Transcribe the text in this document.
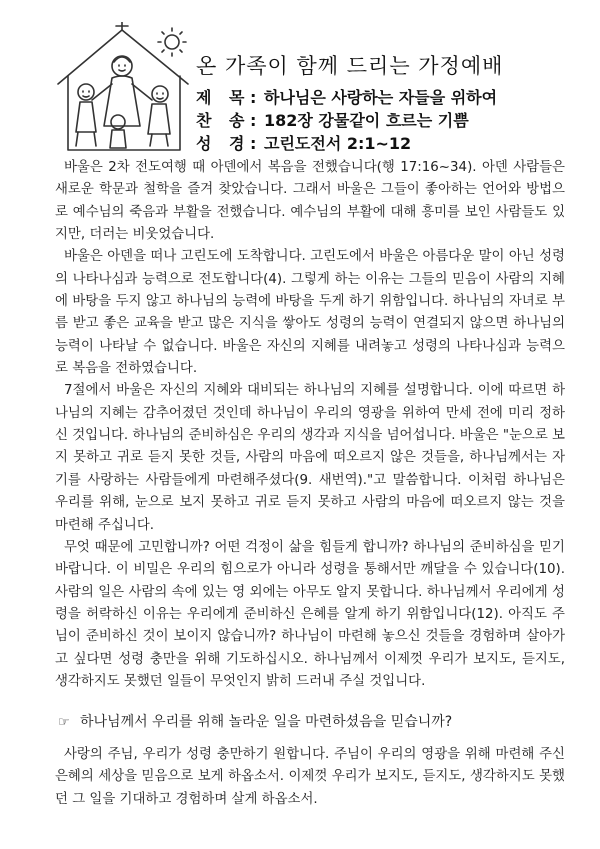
온 가족이 함께 드리는 가정예배
제 목: 하나님은 사랑하는 자들을 위하여
찬 송: 182장 강물같이 흐르는 기쁨
성 경: 고린도전서 2:1~12

바울은 2차 전도여행 때 아덴에서 복음을 전했습니다(행 17:16~34). 아덴 사람들은 새로운 학문과 철학을 즐겨 찾았습니다. 그래서 바울은 그들이 좋아하는 언어와 방법으로 예수님의 죽음과 부활을 전했습니다. 예수님의 부활에 대해 흥미를 보인 사람들도 있지만, 더러는 비웃었습니다.

바울은 아덴을 떠나 고린도에 도착합니다. 고린도에서 바울은 아름다운 말이 아닌 성령의 나타나심과 능력으로 전도합니다(4). 그렇게 하는 이유는 그들의 믿음이 사람의 지혜에 바탕을 두지 않고 하나님의 능력에 바탕을 두게 하기 위함입니다. 하나님의 자녀로 부름 받고 좋은 교육을 받고 많은 지식을 쌓아도 성령의 능력이 연결되지 않으면 하나님의 능력이 나타날 수 없습니다. 바울은 자신의 지혜를 내려놓고 성령의 나타나심과 능력으로 복음을 전하였습니다.

7절에서 바울은 자신의 지혜와 대비되는 하나님의 지혜를 설명합니다. 이에 따르면 하나님의 지혜는 감추어졌던 것인데 하나님이 우리의 영광을 위하여 만세 전에 미리 정하신 것입니다. 하나님의 준비하심은 우리의 생각과 지식을 넘어섭니다. 바울은 "눈으로 보지 못하고 귀로 듣지 못한 것들, 사람의 마음에 떠오르지 않은 것들을, 하나님께서는 자기를 사랑하는 사람들에게 마련해주셨다(9. 새번역)."고 말씀합니다. 이처럼 하나님은 우리를 위해, 눈으로 보지 못하고 귀로 듣지 못하고 사람의 마음에 떠오르지 않는 것을 마련해 주십니다.

무엇 때문에 고민합니까? 어떤 걱정이 삶을 힘들게 합니까? 하나님의 준비하심을 믿기 바랍니다. 이 비밀은 우리의 힘으로가 아니라 성령을 통해서만 깨달을 수 있습니다(10). 사람의 일은 사람의 속에 있는 영 외에는 아무도 알지 못합니다. 하나님께서 우리에게 성령을 허락하신 이유는 우리에게 준비하신 은혜를 알게 하기 위함입니다(12). 아직도 주님이 준비하신 것이 보이지 않습니까? 하나님이 마련해 놓으신 것들을 경험하며 살아가고 싶다면 성령 충만을 위해 기도하십시오. 하나님께서 이제껏 우리가 보지도, 듣지도, 생각하지도 못했던 일들이 무엇인지 밝히 드러내 주실 것입니다.

☞ 하나님께서 우리를 위해 놀라운 일을 마련하셨음을 믿습니까?

사랑의 주님, 우리가 성령 충만하기 원합니다. 주님이 우리의 영광을 위해 마련해 주신 은혜의 세상을 믿음으로 보게 하옵소서. 이제껏 우리가 보지도, 듣지도, 생각하지도 못했던 그 일을 기대하고 경험하며 살게 하옵소서.
